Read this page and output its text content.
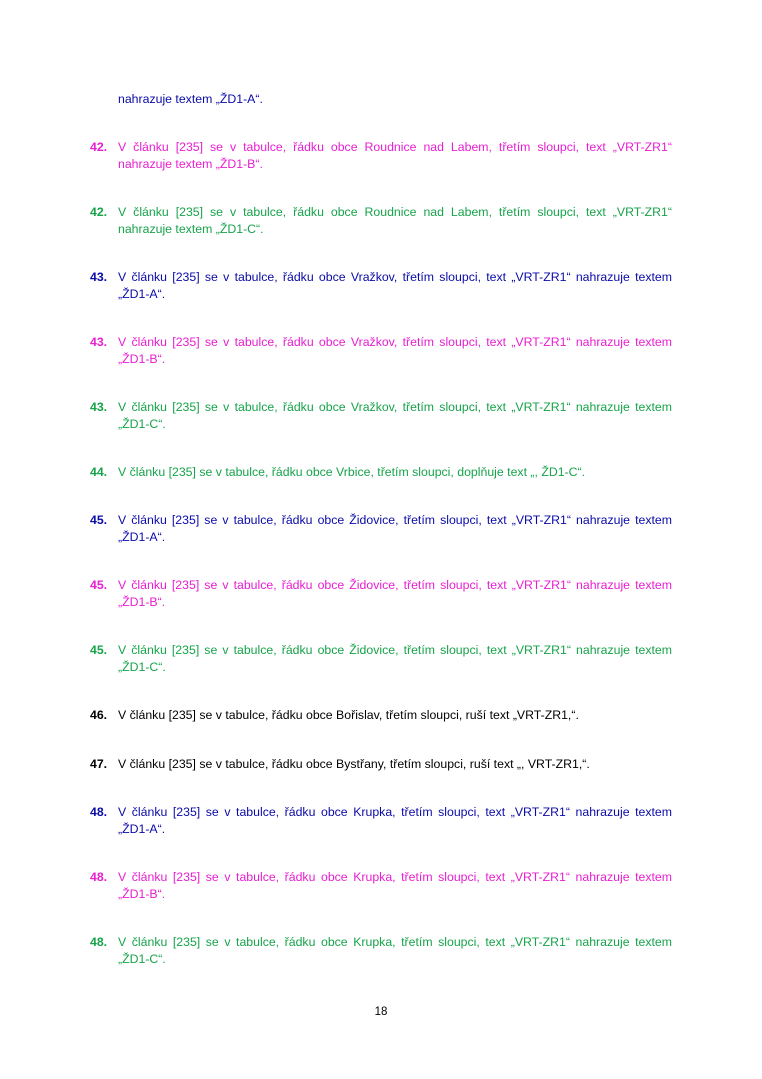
nahrazuje textem „ŽD1-A“.
42. V článku [235] se v tabulce, řádku obce Roudnice nad Labem, třetím sloupci, text „VRT-ZR1“ nahrazuje textem „ŽD1-B“.
42. V článku [235] se v tabulce, řádku obce Roudnice nad Labem, třetím sloupci, text „VRT-ZR1“ nahrazuje textem „ŽD1-C“.
43. V článku [235] se v tabulce, řádku obce Vražkov, třetím sloupci, text „VRT-ZR1“ nahrazuje textem „ŽD1-A“.
43. V článku [235] se v tabulce, řádku obce Vražkov, třetím sloupci, text „VRT-ZR1“ nahrazuje textem „ŽD1-B“.
43. V článku [235] se v tabulce, řádku obce Vražkov, třetím sloupci, text „VRT-ZR1“ nahrazuje textem „ŽD1-C“.
44. V článku [235] se v tabulce, řádku obce Vrbice, třetím sloupci, doplňuje text „, ŽD1-C“.
45. V článku [235] se v tabulce, řádku obce Židovice, třetím sloupci, text „VRT-ZR1“ nahrazuje textem „ŽD1-A“.
45. V článku [235] se v tabulce, řádku obce Židovice, třetím sloupci, text „VRT-ZR1“ nahrazuje textem „ŽD1-B“.
45. V článku [235] se v tabulce, řádku obce Židovice, třetím sloupci, text „VRT-ZR1“ nahrazuje textem „ŽD1-C“.
46. V článku [235] se v tabulce, řádku obce Bořislav, třetím sloupci, ruší text „VRT-ZR1,“.
47. V článku [235] se v tabulce, řádku obce Bystřany, třetím sloupci, ruší text „, VRT-ZR1,“.
48. V článku [235] se v tabulce, řádku obce Krupka, třetím sloupci, text „VRT-ZR1“ nahrazuje textem „ŽD1-A“.
48. V článku [235] se v tabulce, řádku obce Krupka, třetím sloupci, text „VRT-ZR1“ nahrazuje textem „ŽD1-B“.
48. V článku [235] se v tabulce, řádku obce Krupka, třetím sloupci, text „VRT-ZR1“ nahrazuje textem „ŽD1-C“.
18
